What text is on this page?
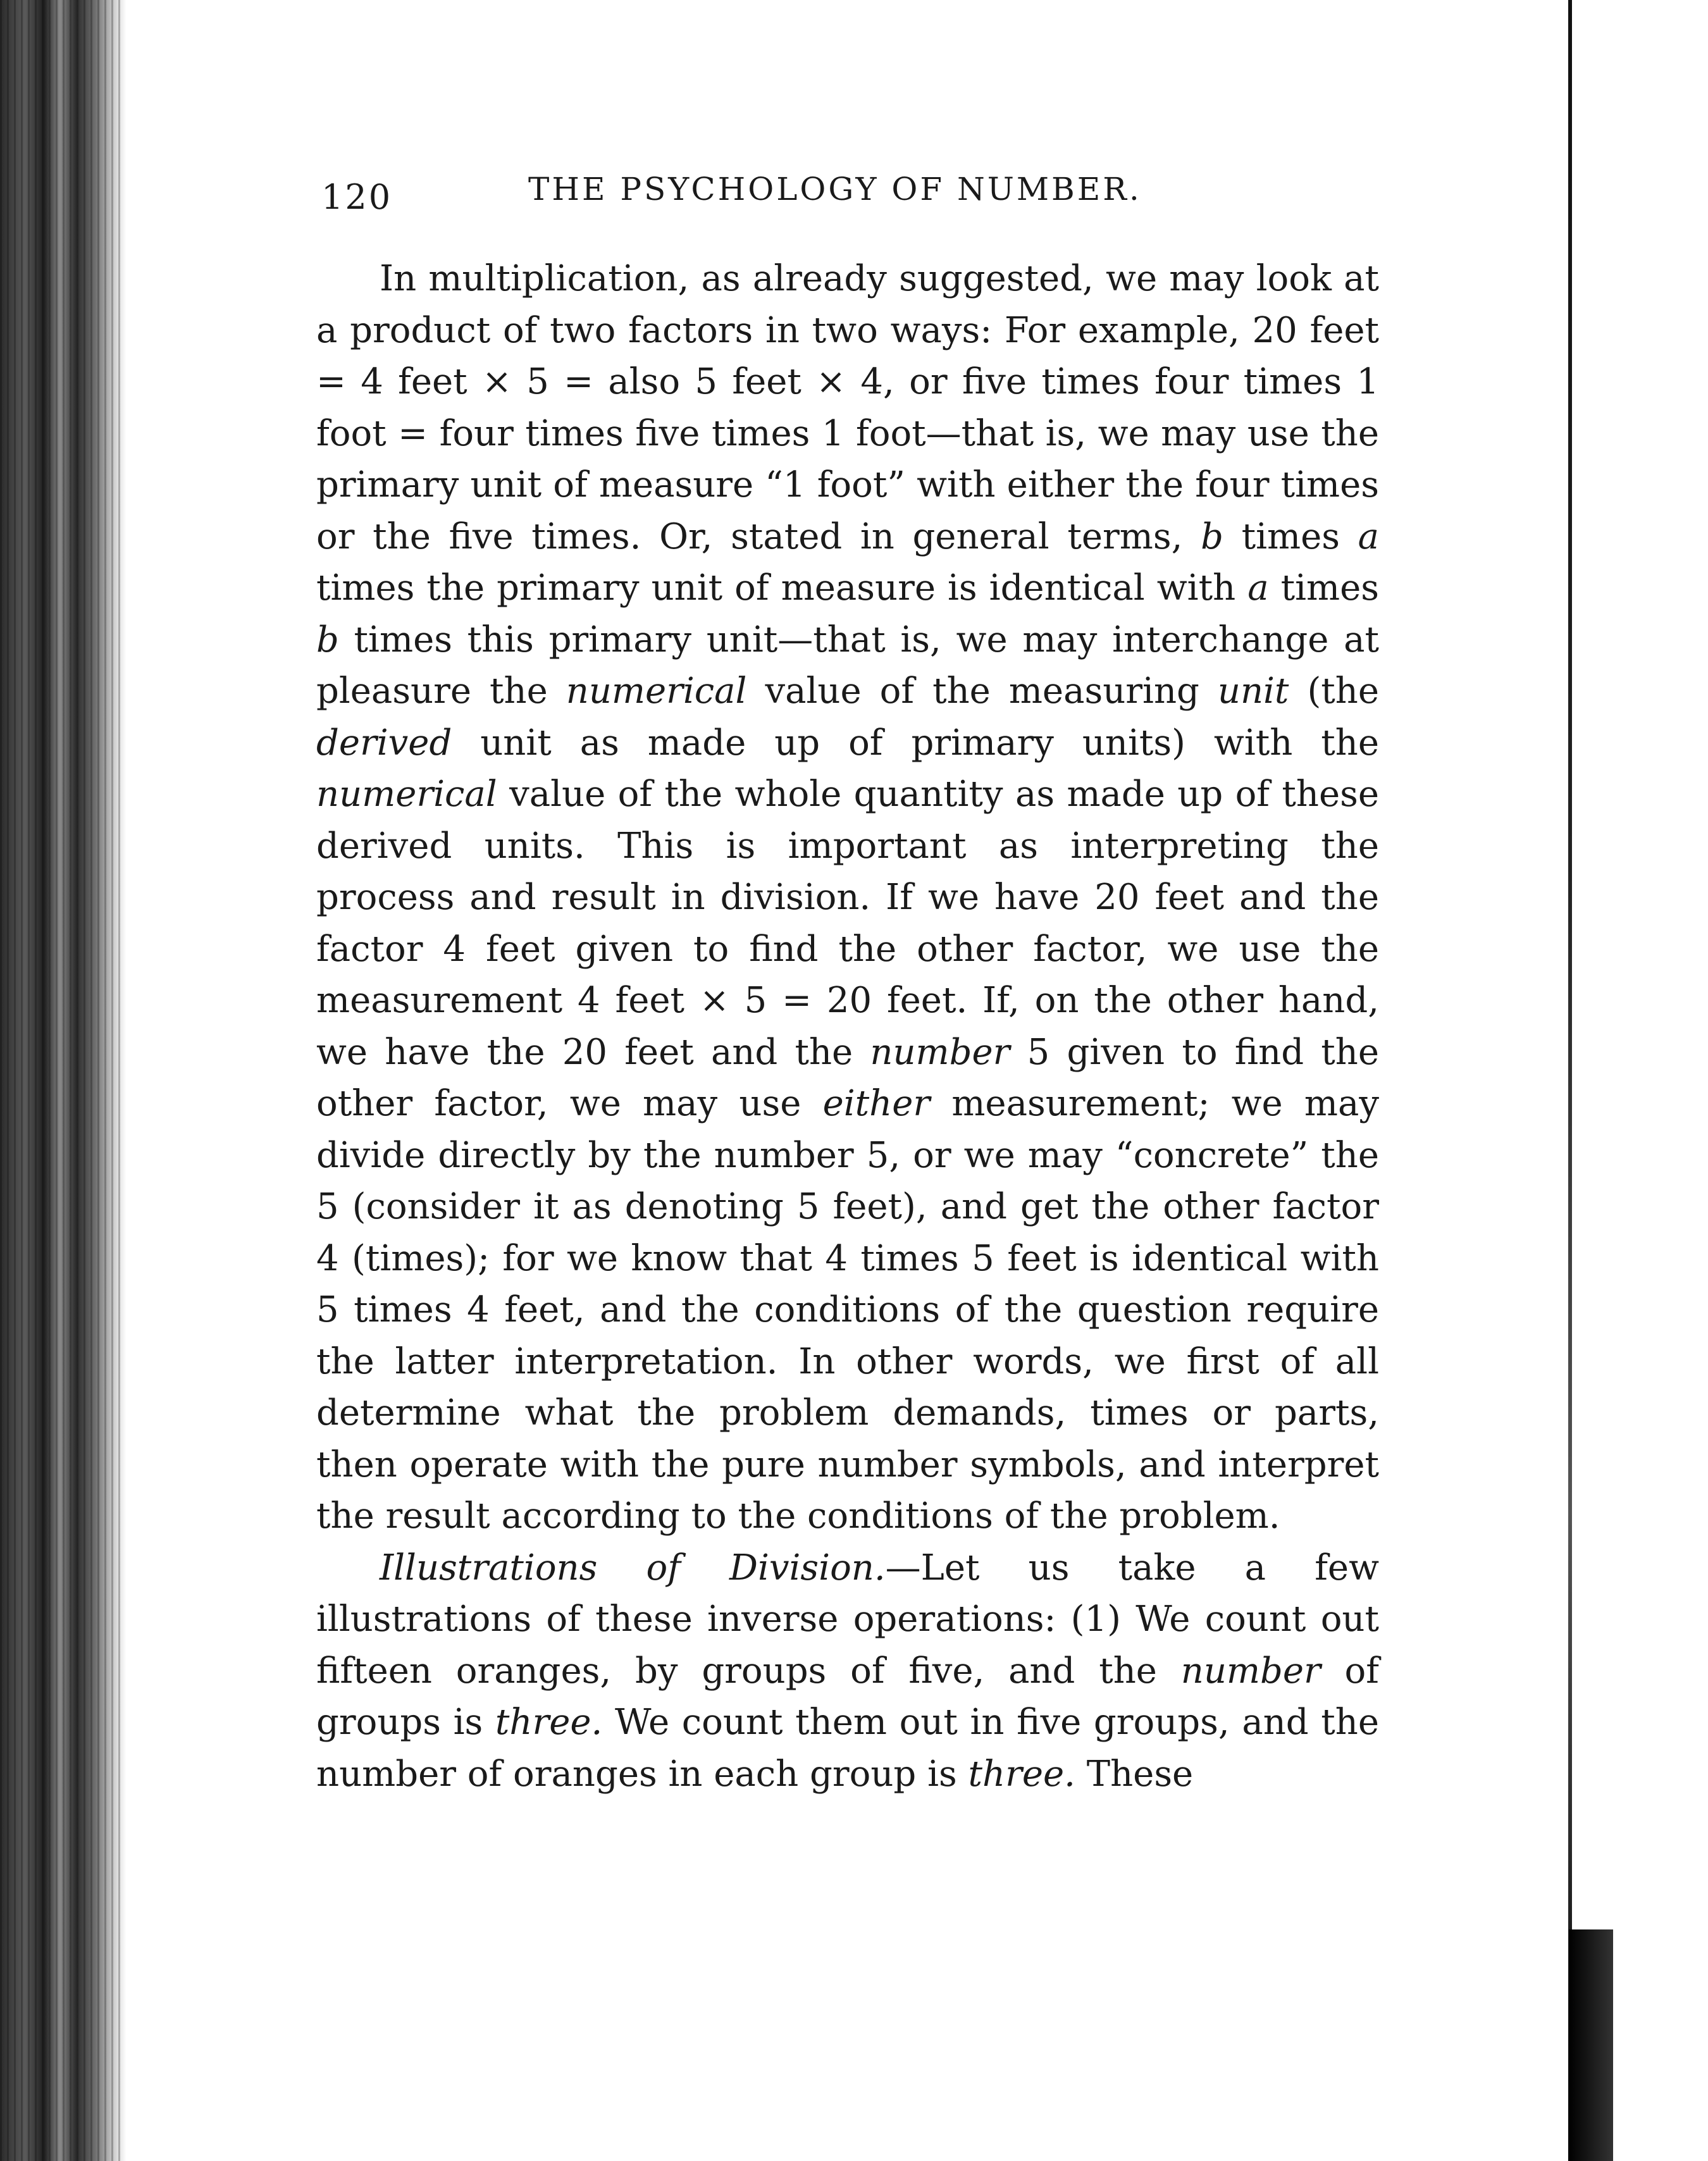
120	THE PSYCHOLOGY OF NUMBER.

In multiplication, as already suggested, we may look at a product of two factors in two ways: For example, 20 feet = 4 feet × 5 = also 5 feet × 4, or five times four times 1 foot = four times five times 1 foot—that is, we may use the primary unit of measure “1 foot” with either the four times or the five times. Or, stated in general terms, b times a times the primary unit of measure is identical with a times b times this primary unit—that is, we may interchange at pleasure the numerical value of the measuring unit (the derived unit as made up of primary units) with the numerical value of the whole quantity as made up of these derived units. This is important as interpreting the process and result in division. If we have 20 feet and the factor 4 feet given to find the other factor, we use the measurement 4 feet × 5 = 20 feet. If, on the other hand, we have the 20 feet and the number 5 given to find the other factor, we may use either measurement; we may divide directly by the number 5, or we may “concrete” the 5 (consider it as denoting 5 feet), and get the other factor 4 (times); for we know that 4 times 5 feet is identical with 5 times 4 feet, and the conditions of the question require the latter interpretation. In other words, we first of all determine what the problem demands, times or parts, then operate with the pure number symbols, and interpret the result according to the conditions of the problem.

Illustrations of Division.—Let us take a few illustrations of these inverse operations: (1) We count out fifteen oranges, by groups of five, and the number of groups is three. We count them out in five groups, and the number of oranges in each group is three. These
